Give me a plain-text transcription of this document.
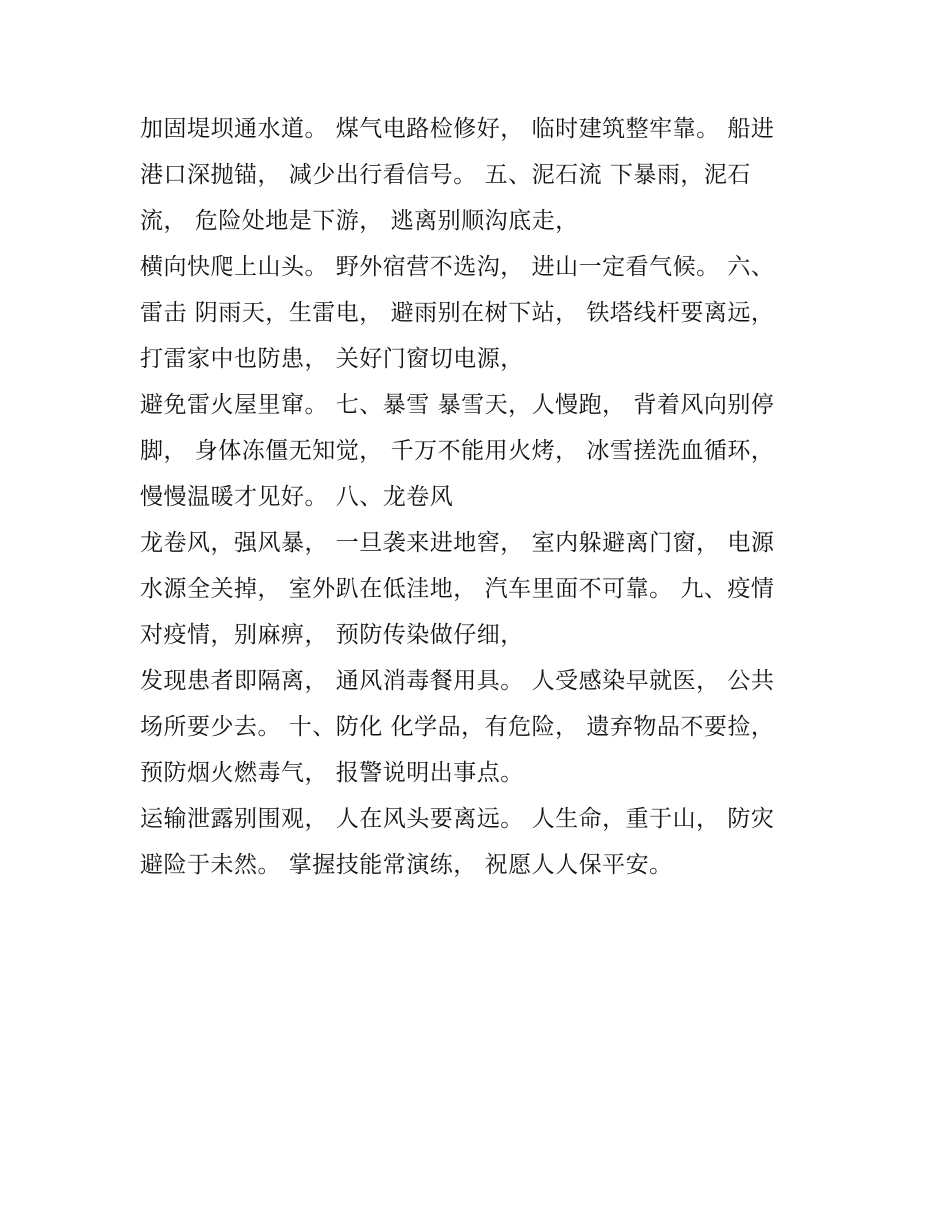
加固堤坝通水道。 煤气电路检修好， 临时建筑整牢靠。 船进
港口深抛锚， 减少出行看信号。 五、泥石流 下暴雨，泥石
流， 危险处地是下游， 逃离别顺沟底走，
横向快爬上山头。 野外宿营不选沟， 进山一定看气候。 六、
雷击 阴雨天，生雷电， 避雨别在树下站， 铁塔线杆要离远，
打雷家中也防患， 关好门窗切电源，
避免雷火屋里窜。 七、暴雪 暴雪天，人慢跑， 背着风向别停
脚， 身体冻僵无知觉， 千万不能用火烤， 冰雪搓洗血循环，
慢慢温暖才见好。 八、龙卷风
龙卷风，强风暴， 一旦袭来进地窖， 室内躲避离门窗， 电源
水源全关掉， 室外趴在低洼地， 汽车里面不可靠。 九、疫情
对疫情，别麻痹， 预防传染做仔细，
发现患者即隔离， 通风消毒餐用具。 人受感染早就医， 公共
场所要少去。 十、防化 化学品，有危险， 遗弃物品不要捡，
预防烟火燃毒气， 报警说明出事点。
运输泄露别围观， 人在风头要离远。 人生命，重于山， 防灾
避险于未然。 掌握技能常演练， 祝愿人人保平安。
